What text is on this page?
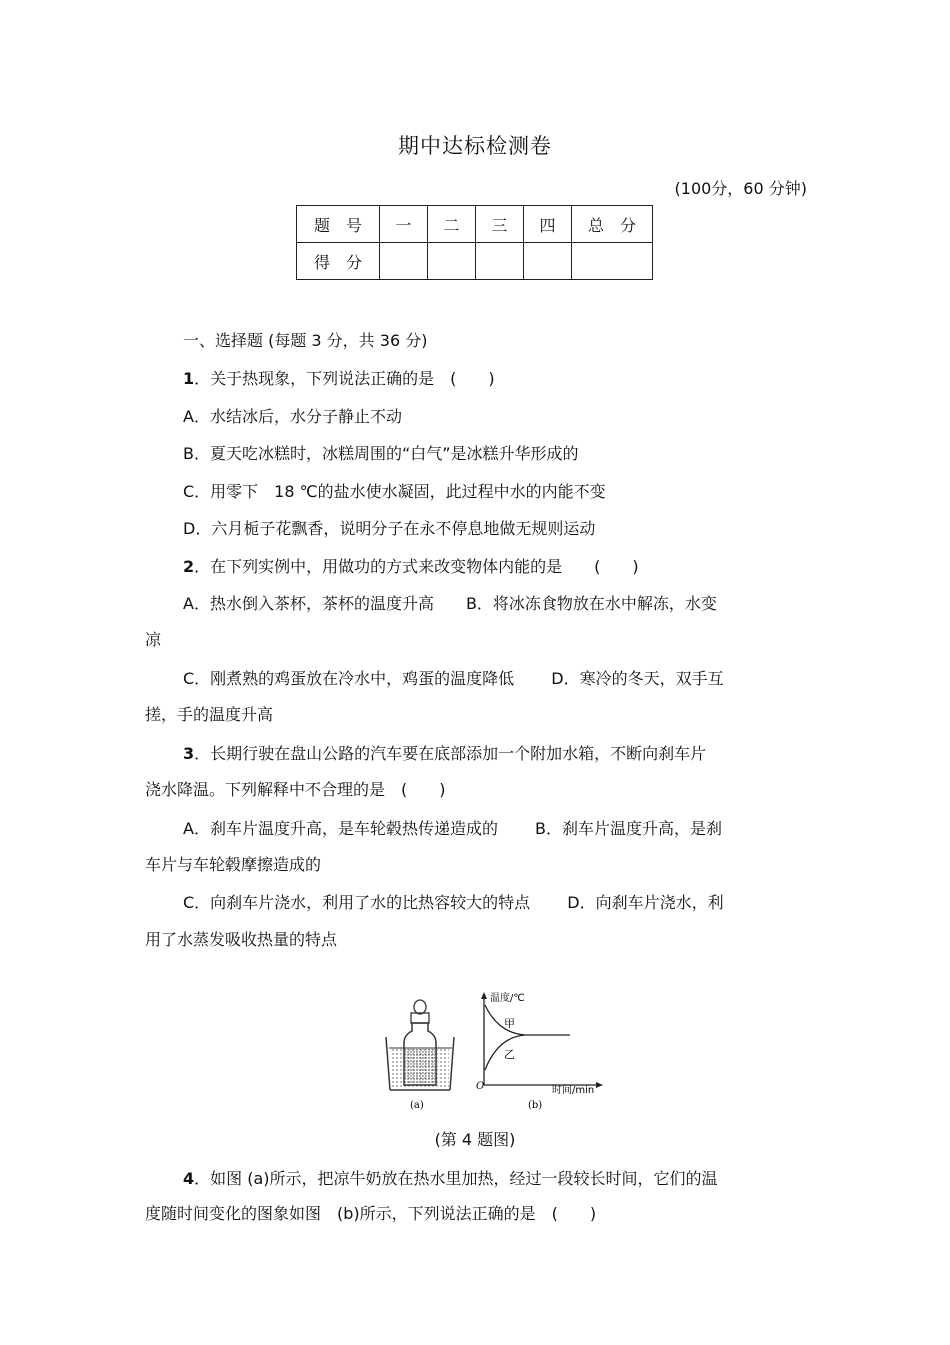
期中达标检测卷
(100分，60 分钟)
题　号	一	二	三	四	总　分
得　分					
一、选择题 (每题 3 分，共 36 分)
1．关于热现象，下列说法正确的是　(　　)
A．水结冰后，水分子静止不动
B．夏天吃冰糕时，冰糕周围的“白气”是冰糕升华形成的
C．用零下　18 ℃的盐水使水凝固，此过程中水的内能不变
D．六月栀子花飘香，说明分子在永不停息地做无规则运动
2．在下列实例中，用做功的方式来改变物体内能的是　　(　　)
A．热水倒入茶杯，茶杯的温度升高　　B．将冰冻食物放在水中解冻，水变
凉
C．刚煮熟的鸡蛋放在冷水中，鸡蛋的温度降低　　 D．寒冷的冬天，双手互
搓，手的温度升高
3．长期行驶在盘山公路的汽车要在底部添加一个附加水箱，不断向刹车片
浇水降温。下列解释中不合理的是　(　　)
A．刹车片温度升高，是车轮毂热传递造成的　　 B．刹车片温度升高，是刹
车片与车轮毂摩擦造成的
C．向刹车片浇水，利用了水的比热容较大的特点　　 D．向刹车片浇水，利
用了水蒸发吸收热量的特点
(a)
温度/℃
时间/min
O
甲
乙
(b)
(第 4 题图)
4．如图 (a)所示，把凉牛奶放在热水里加热，经过一段较长时间，它们的温
度随时间变化的图象如图　(b)所示，下列说法正确的是　(　　)
